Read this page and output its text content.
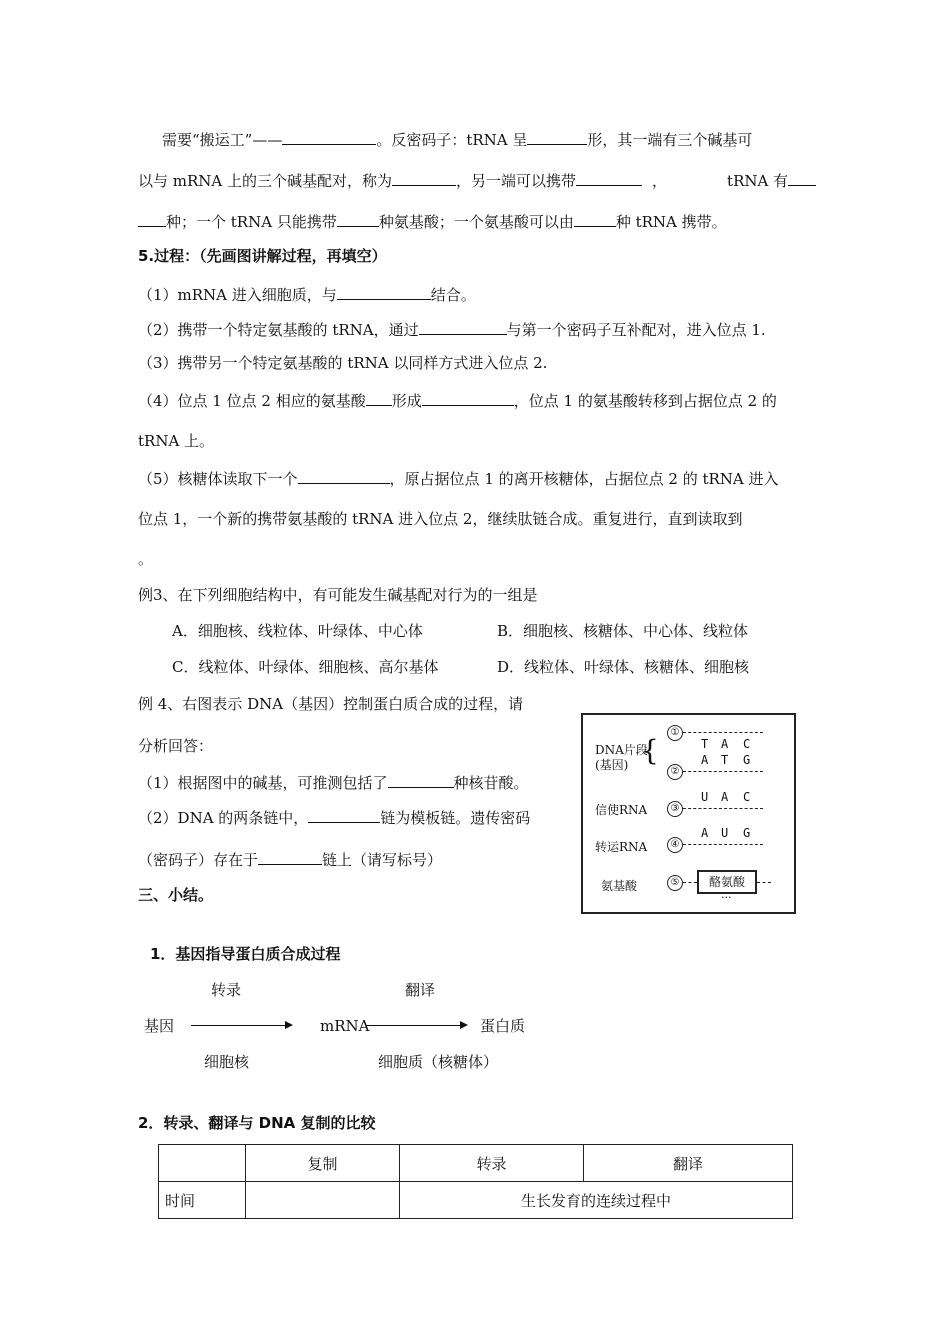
需要“搬运工”——	。反密码子：tRNA 呈	形，其一端有三个碱基可
以与 mRNA 上的三个碱基配对，称为	，另一端可以携带	，	tRNA 有
种；一个 tRNA 只能携带	种氨基酸；一个氨基酸可以由	种 tRNA 携带。
5.过程：（先画图讲解过程，再填空）
（1）mRNA 进入细胞质，与	结合。
（2）携带一个特定氨基酸的 tRNA，通过	与第一个密码子互补配对，进入位点 1.
（3）携带另一个特定氨基酸的 tRNA 以同样方式进入位点 2.
（4）位点 1 位点 2 相应的氨基酸 形成	，位点 1 的氨基酸转移到占据位点 2 的
tRNA 上。
（5）核糖体读取下一个	，原占据位点 1 的离开核糖体，占据位点 2 的 tRNA 进入
位点 1，一个新的携带氨基酸的 tRNA 进入位点 2，继续肽链合成。重复进行，直到读取到
。
例3、在下列细胞结构中，有可能发生碱基配对行为的一组是
A．细胞核、线粒体、叶绿体、中心体	B．细胞核、核糖体、中心体、线粒体
C．线粒体、叶绿体、细胞核、高尔基体	D．线粒体、叶绿体、核糖体、细胞核
例 4、右图表示 DNA（基因）控制蛋白质合成的过程，请
分析回答：
（1）根据图中的碱基，可推测包括了	种核苷酸。
（2）DNA 的两条链中，	链为模板链。遗传密码
（密码子）存在于	链上（请写标号）
DNA片段
(基因) {
①
②
T A C
A T G
信使RNA	③
U A C
转运RNA	④
A U G
氨基酸	⑤	酪氨酸
···
三、小结。
1．基因指导蛋白质合成过程
转录	翻译
基因	mRNA	蛋白质
细胞核	细胞质（核糖体）
2．转录、翻译与 DNA 复制的比较
	复制	转录	翻译
时间		生长发育的连续过程中	
